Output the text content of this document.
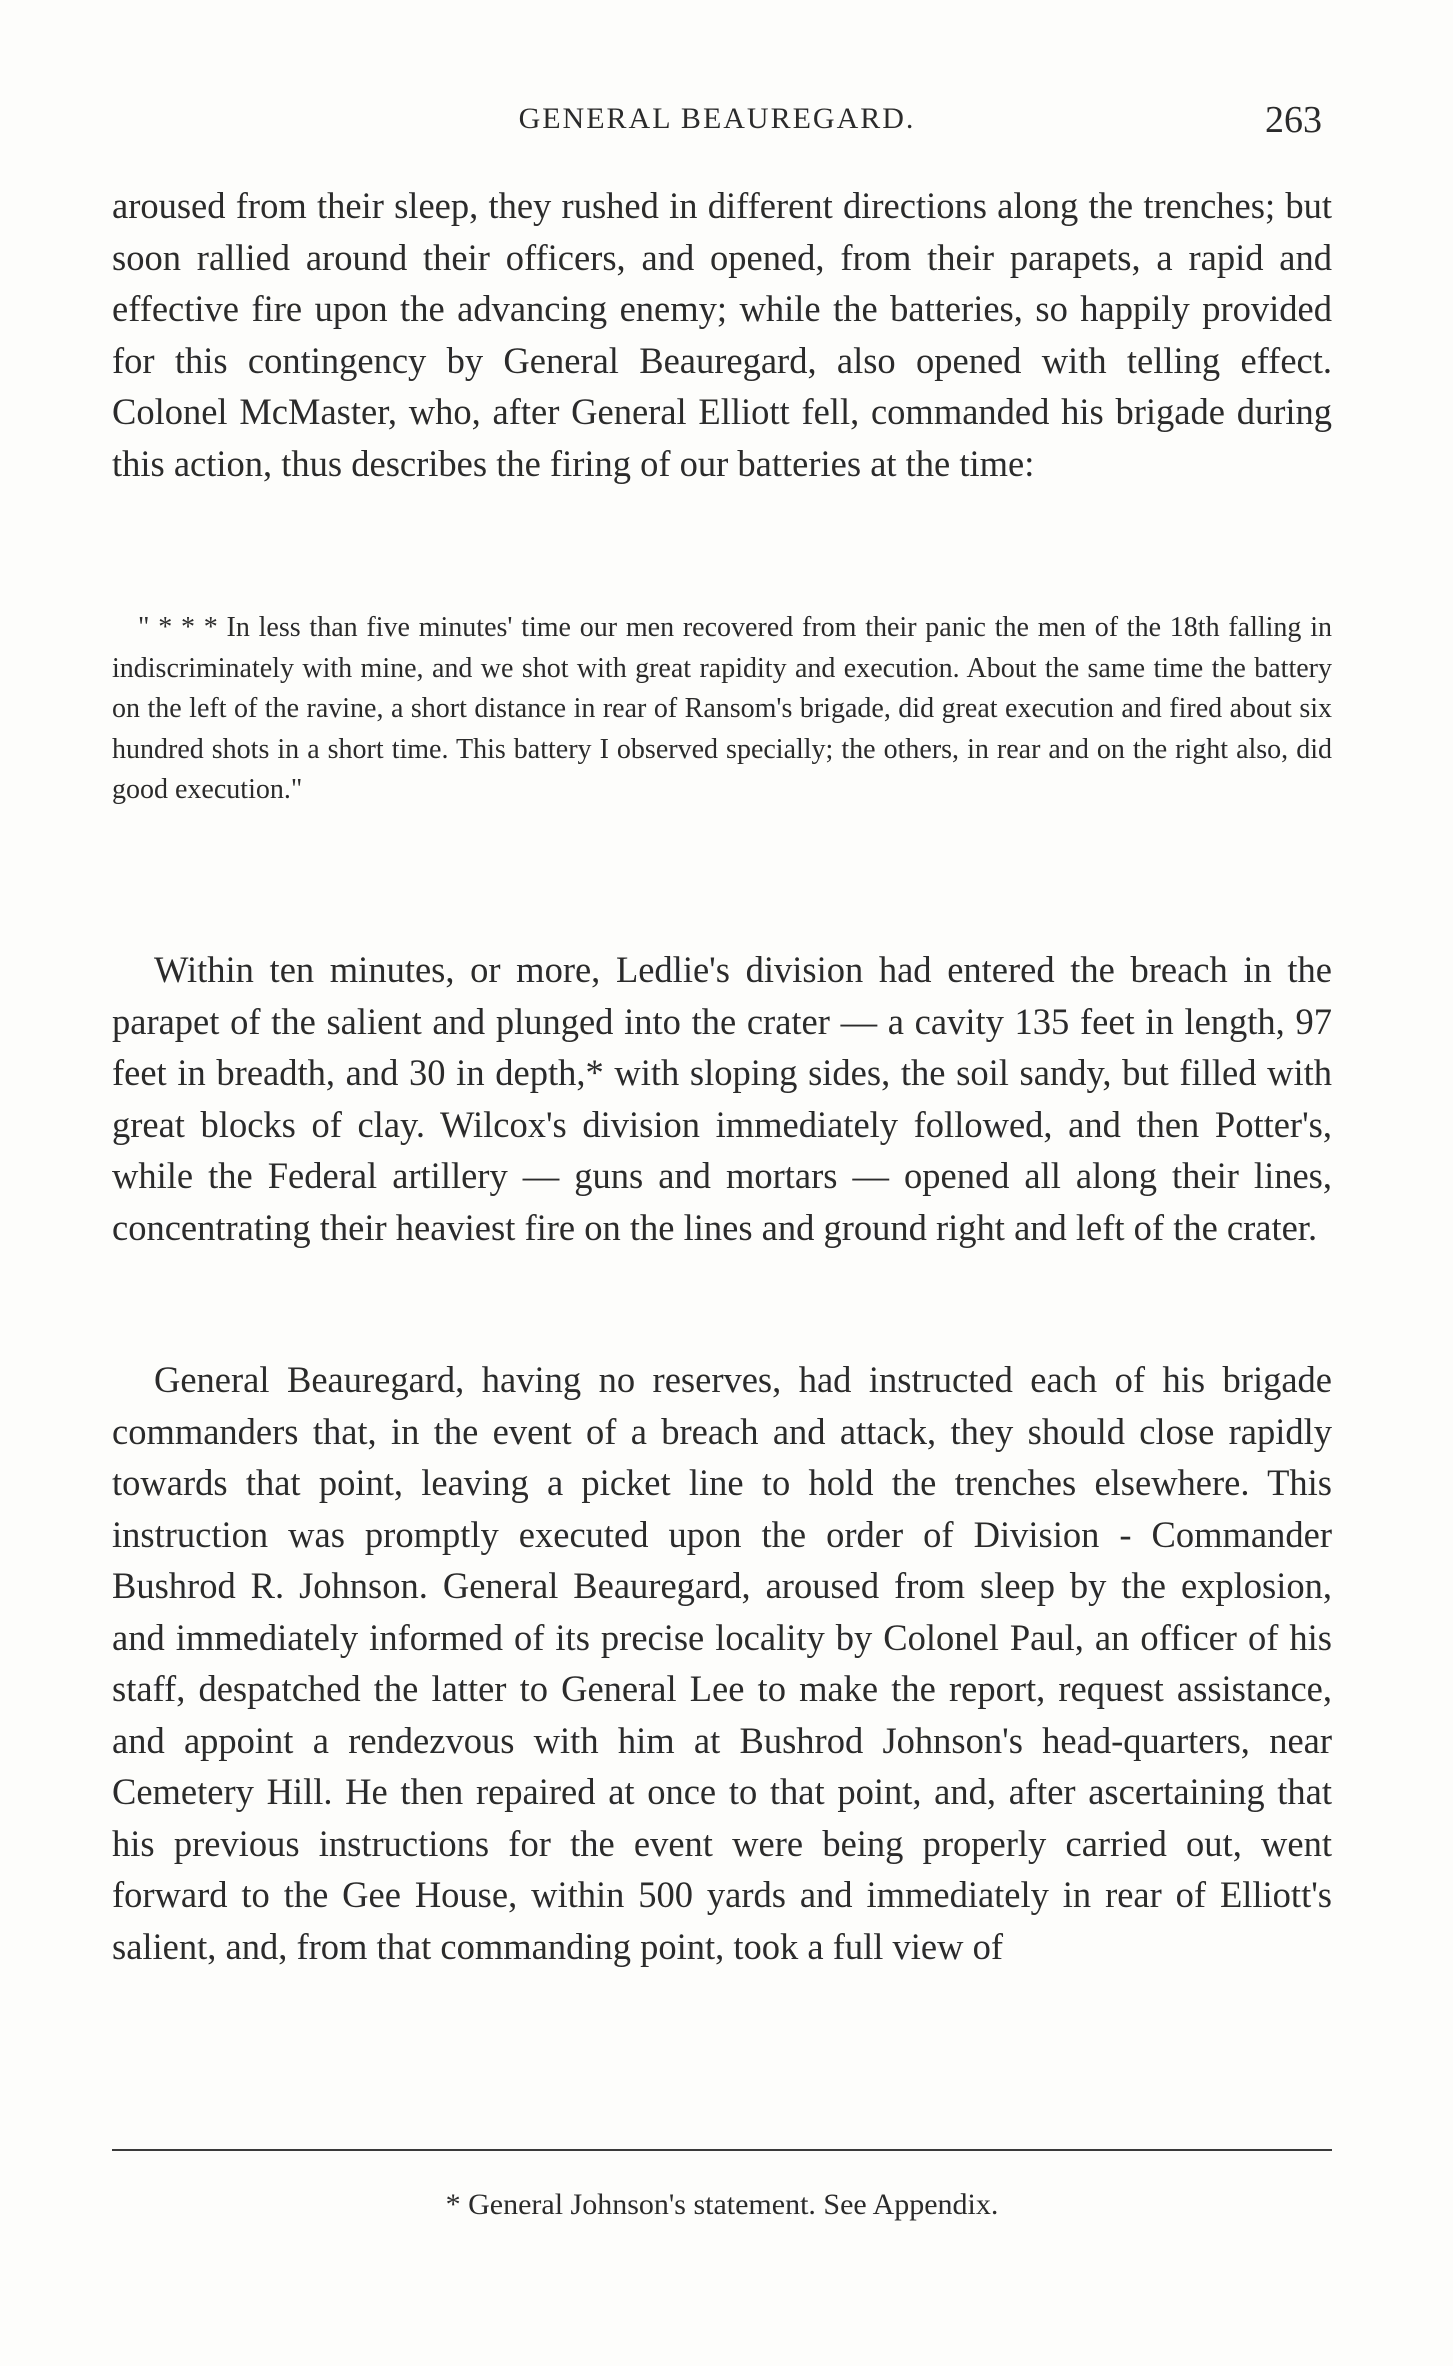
GENERAL BEAUREGARD.	263

aroused from their sleep, they rushed in different directions along the trenches; but soon rallied around their officers, and opened, from their parapets, a rapid and effective fire upon the advancing enemy; while the batteries, so happily provided for this contingency by General Beauregard, also opened with telling effect. Colonel McMaster, who, after General Elliott fell, commanded his brigade during this action, thus describes the firing of our batteries at the time:

" * * * In less than five minutes' time our men recovered from their panic the men of the 18th falling in indiscriminately with mine, and we shot with great rapidity and execution. About the same time the battery on the left of the ravine, a short distance in rear of Ransom's brigade, did great execution and fired about six hundred shots in a short time. This battery I observed specially; the others, in rear and on the right also, did good execution."

Within ten minutes, or more, Ledlie's division had entered the breach in the parapet of the salient and plunged into the crater — a cavity 135 feet in length, 97 feet in breadth, and 30 in depth,* with sloping sides, the soil sandy, but filled with great blocks of clay. Wilcox's division immediately followed, and then Potter's, while the Federal artillery — guns and mortars — opened all along their lines, concentrating their heaviest fire on the lines and ground right and left of the crater.

General Beauregard, having no reserves, had instructed each of his brigade commanders that, in the event of a breach and attack, they should close rapidly towards that point, leaving a picket line to hold the trenches elsewhere. This instruction was promptly executed upon the order of Division - Commander Bushrod R. Johnson. General Beauregard, aroused from sleep by the explosion, and immediately informed of its precise locality by Colonel Paul, an officer of his staff, despatched the latter to General Lee to make the report, request assistance, and appoint a rendezvous with him at Bushrod Johnson's head-quarters, near Cemetery Hill. He then repaired at once to that point, and, after ascertaining that his previous instructions for the event were being properly carried out, went forward to the Gee House, within 500 yards and immediately in rear of Elliott's salient, and, from that commanding point, took a full view of

* General Johnson's statement. See Appendix.
